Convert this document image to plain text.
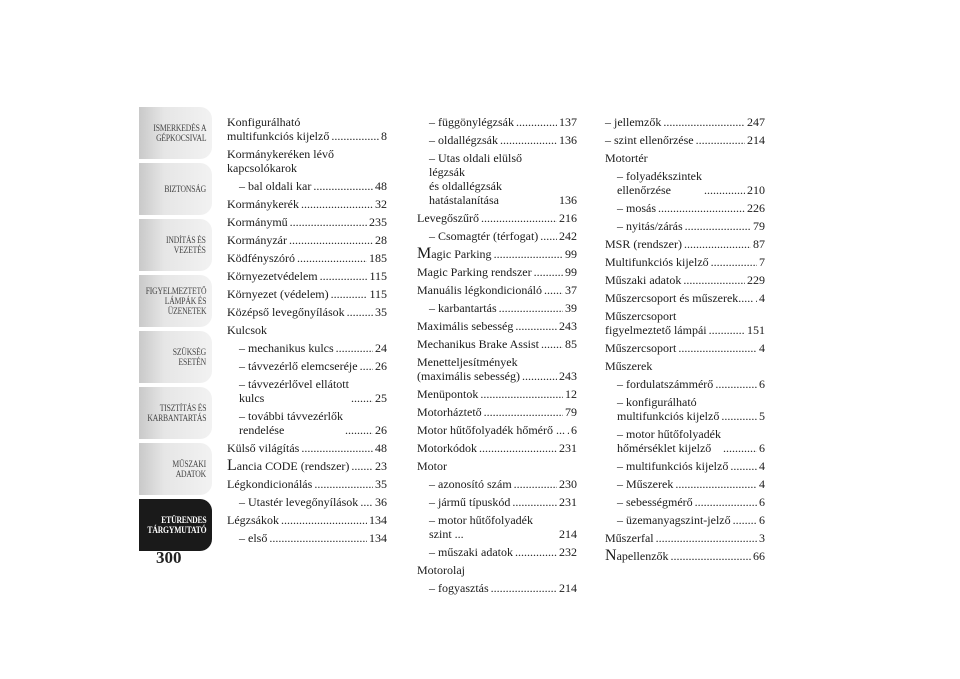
ISMERKEDÉS A
GÉPKOCSIVAL
BIZTONSÁG
INDÍTÁS ÉS
VEZETÉS
FIGYELMEZTETŐ
LÁMPÁK ÉS
ÜZENETEK
SZÜKSÉG ESETÉN
TISZTÍTÁS ÉS
KARBANTARTÁS
MŰSZAKI ADATOK
ETŰRENDES
TÁRGYMUTATÓ
300
Konfigurálható
multifunkciós kijelző .....	8
Kormánykeréken lévő
kapcsolókarok
– bal oldali kar .....	48
Kormánykerék .....	32
Kormánymű .....	235
Kormányzár .....	28
Ködfényszóró .....	185
Környezetvédelem .....	115
Környezet (védelem) .....	115
Középső levegőnyílások .....	35
Kulcsok
– mechanikus kulcs .....	24
– távvezérlő elemcseréje ..... 26
– távvezérlővel ellátott
kulcs .....	25
– további távvezérlők
rendelése .....	26
Külső világítás .....	48
Lancia CODE (rendszer) ..... 23
Légkondicionálás .....	35
– Utastér levegőnyílások ..... 36
Légzsákok .....	134
– első .....	134
– függönylégzsák .....	137
– oldallégzsák .....	136
– Utas oldali elülső légzsák
és oldallégzsák
hatástalanítása	136
Levegőszűrő .....	216
– Csomagtér (térfogat) ..... 242
Magic Parking .....	99
Magic Parking rendszer .....	99
Manuális légkondicionáló ..... 37
– karbantartás .....	39
Maximális sebesség .....	243
Mechanikus Brake Assist ..... 85
Menetteljesítmények
(maximális sebesség) .....	243
Menüpontok .....	12
Motorháztető .....	79
Motor hűtőfolyadék hőmérő ... ..... 6
Motorkódok .....	231
Motor
– azonosító szám .....	230
– jármű típuskód .....	231
– motor hűtőfolyadék szint ...	214
– műszaki adatok .....	232
Motorolaj
– fogyasztás .....	214
– jellemzők .....	247
– szint ellenőrzése .....	214
Motortér
– folyadékszintek
ellenőrzése .....	210
– mosás .....	226
– nyitás/zárás .....	79
MSR (rendszer) .....	87
Multifunkciós kijelző .....	7
Műszaki adatok .....	229
Műszercsoport és műszerek..... ..... 4
Műszercsoport
figyelmeztető lámpái .....	151
Műszercsoport .....	4
Műszerek
– fordulatszámmérő .....	6
– konfigurálható
multifunkciós kijelző .....	5
– motor hűtőfolyadék
hőmérséklet kijelző .....	6
– multifunkciós kijelző .....	4
– Műszerek .....	4
– sebességmérő .....	6
– üzemanyagszint-jelző ..... 6
Műszerfal .....	3
Napellenzők .....	66
